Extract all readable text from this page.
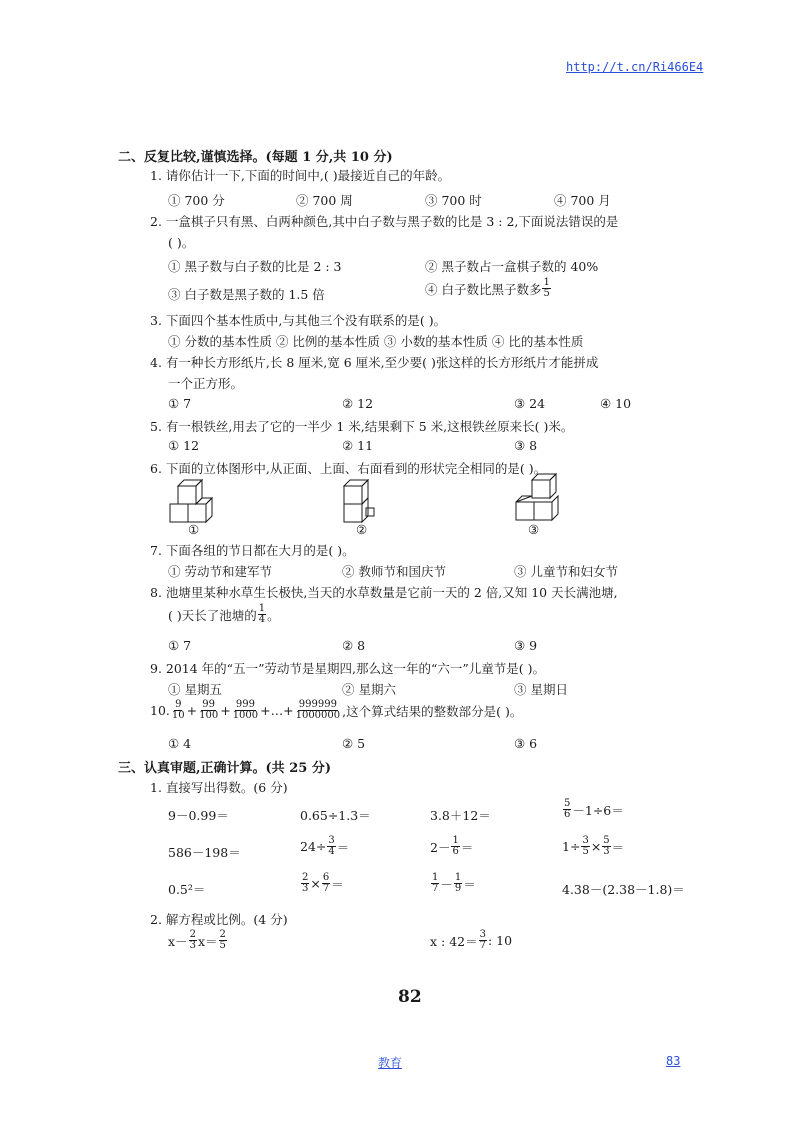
http://t.cn/Ri466E4
二、反复比较,谨慎选择。(每题 1 分,共 10 分)
1. 请你估计一下,下面的时间中,( )最接近自己的年龄。
① 700 分	② 700 周	③ 700 时	④ 700 月
2. 一盒棋子只有黑、白两种颜色,其中白子数与黑子数的比是 3 : 2,下面说法错误的是
( )。
① 黑子数与白子数的比是 2 : 3	② 黑子数占一盒棋子数的 40%
③ 白子数是黑子数的 1.5 倍	④ 白子数比黑子数多 $\frac{1}{5}$
3. 下面四个基本性质中,与其他三个没有联系的是( )。
① 分数的基本性质 ② 比例的基本性质 ③ 小数的基本性质 ④ 比的基本性质
4. 有一种长方形纸片,长 8 厘米,宽 6 厘米,至少要( )张这样的长方形纸片才能拼成
一个正方形。
① 7	② 12	③ 24	④ 10
5. 有一根铁丝,用去了它的一半少 1 米,结果剩下 5 米,这根铁丝原来长( )米。
① 12	② 11	③ 8
6. 下面的立体图形中,从正面、上面、右面看到的形状完全相同的是( )。
①	②	③
7. 下面各组的节日都在大月的是( )。
① 劳动节和建军节	② 教师节和国庆节	③ 儿童节和妇女节
8. 池塘里某种水草生长极快,当天的水草数量是它前一天的 2 倍,又知 10 天长满池塘,
( )天长了池塘的 $\frac{1}{4}$ 。
① 7	② 8	③ 9
9. 2014 年的“五一”劳动节是星期四,那么这一年的“六一”儿童节是( )。
① 星期五	② 星期六	③ 星期日
10. $\frac{9}{10} + \frac{99}{100} + \frac{999}{1000}$ +…+ $\frac{999999}{1000000}$ ,这个算式结果的整数部分是( )。
① 4	② 5	③ 6
三、认真审题,正确计算。(共 25 分)
1. 直接写出得数。(6 分)
9－0.99＝	0.65÷1.3＝	3.8＋12＝	$\frac{5}{6} -1\div 6=$
586－198＝	$24\div \frac{3}{4}$ ＝	$2- \frac{1}{6}$ ＝	$1\div \frac{3}{5} \times \frac{5}{3}$ ＝
0.5²＝	$\frac{2}{3} \times \frac{6}{7}$ ＝	$\frac{1}{7} - \frac{1}{9}$ ＝	4.38－(2.38－1.8)＝
2. 解方程或比例。(4 分)
$x- \frac{2}{3} x= \frac{2}{5}$	x : $42= \frac{3}{7}$ : 10
82
教育	83
